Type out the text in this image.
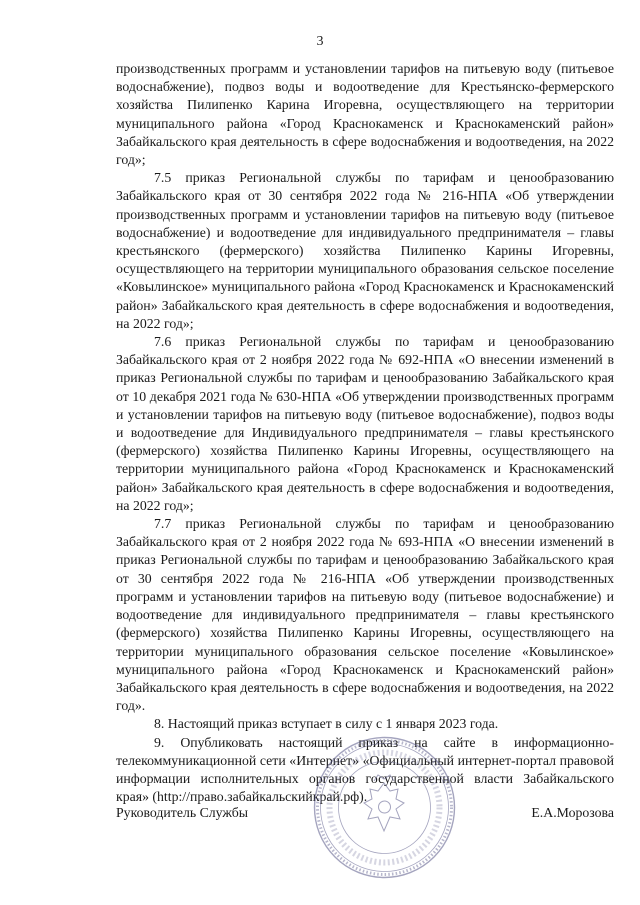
3

производственных программ и установлении тарифов на питьевую воду (питьевое водоснабжение), подвоз воды и водоотведение для Крестьянско-фермерского хозяйства Пилипенко Карина Игоревна, осуществляющего на территории муниципального района «Город Краснокаменск и Краснокаменский район» Забайкальского края деятельность в сфере водоснабжения и водоотведения, на 2022 год»;

7.5 приказ Региональной службы по тарифам и ценообразованию Забайкальского края от 30 сентября 2022 года № 216-НПА «Об утверждении производственных программ и установлении тарифов на питьевую воду (питьевое водоснабжение) и водоотведение для индивидуального предпринимателя – главы крестьянского (фермерского) хозяйства Пилипенко Карины Игоревны, осуществляющего на территории муниципального образования сельское поселение «Ковылинское» муниципального района «Город Краснокаменск и Краснокаменский район» Забайкальского края деятельность в сфере водоснабжения и водоотведения, на 2022 год»;

7.6 приказ Региональной службы по тарифам и ценообразованию Забайкальского края от 2 ноября 2022 года № 692-НПА «О внесении изменений в приказ Региональной службы по тарифам и ценообразованию Забайкальского края от 10 декабря 2021 года № 630-НПА «Об утверждении производственных программ и установлении тарифов на питьевую воду (питьевое водоснабжение), подвоз воды и водоотведение для Индивидуального предпринимателя – главы крестьянского (фермерского) хозяйства Пилипенко Карины Игоревны, осуществляющего на территории муниципального района «Город Краснокаменск и Краснокаменский район» Забайкальского края деятельность в сфере водоснабжения и водоотведения, на 2022 год»;

7.7 приказ Региональной службы по тарифам и ценообразованию Забайкальского края от 2 ноября 2022 года № 693-НПА «О внесении изменений в приказ Региональной службы по тарифам и ценообразованию Забайкальского края от 30 сентября 2022 года № 216-НПА «Об утверждении производственных программ и установлении тарифов на питьевую воду (питьевое водоснабжение) и водоотведение для индивидуального предпринимателя – главы крестьянского (фермерского) хозяйства Пилипенко Карины Игоревны, осуществляющего на территории муниципального образования сельское поселение «Ковылинское» муниципального района «Город Краснокаменск и Краснокаменский район» Забайкальского края деятельность в сфере водоснабжения и водоотведения, на 2022 год».

8. Настоящий приказ вступает в силу с 1 января 2023 года.

9. Опубликовать настоящий приказ на сайте в информационно-телекоммуникационной сети «Интернет» «Официальный интернет-портал правовой информации исполнительных органов государственной власти Забайкальского края» (http://право.забайкальскийкрай.рф).

Руководитель Службы	Е.А.Морозова
